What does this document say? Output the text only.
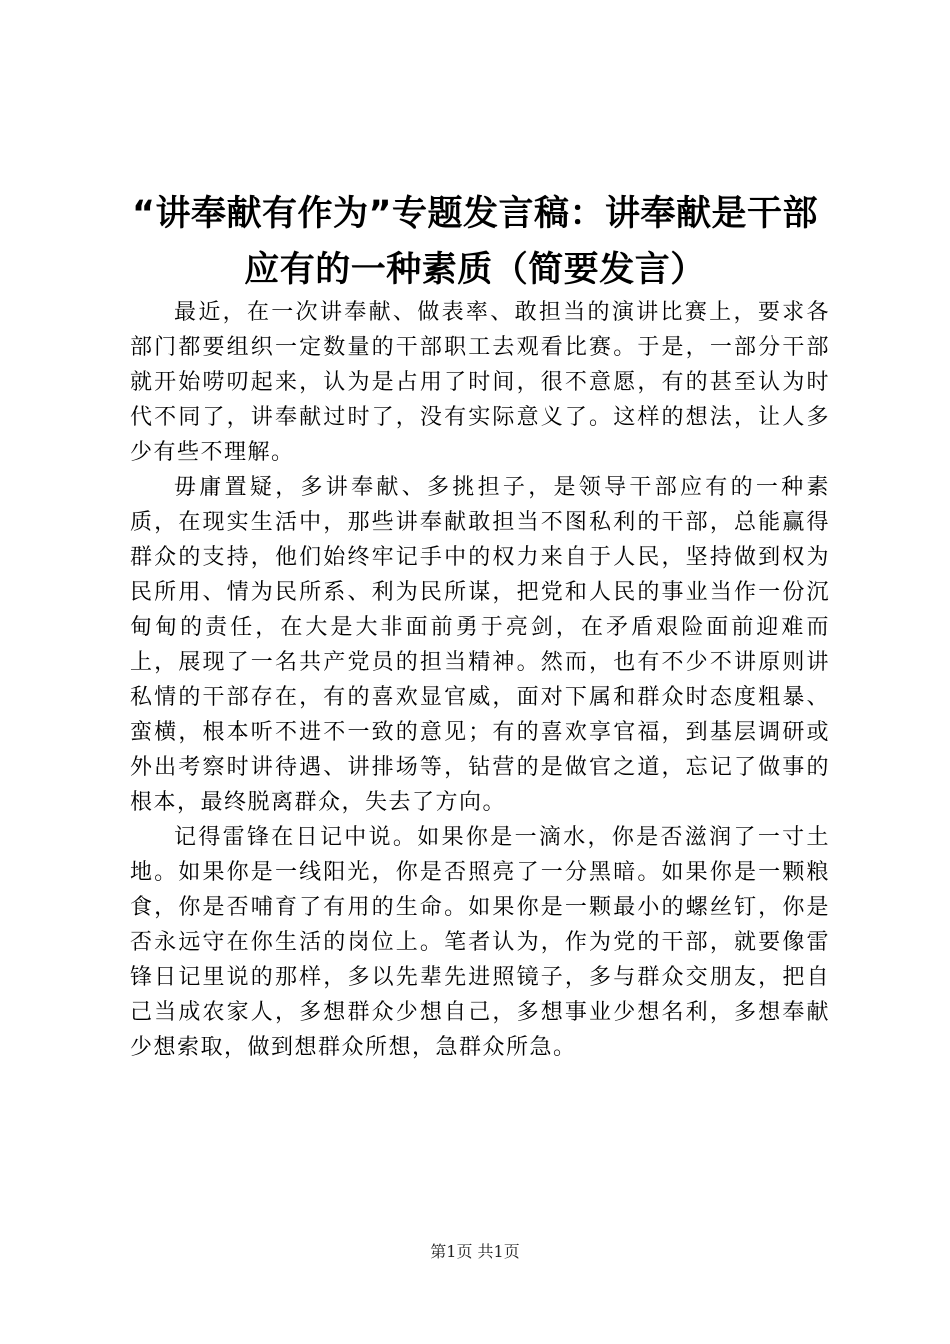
“讲奉献有作为”专题发言稿：讲奉献是干部
应有的一种素质（简要发言）

最近，在一次讲奉献、做表率、敢担当的演讲比赛上，要求各部门都要组织一定数量的干部职工去观看比赛。于是，一部分干部就开始唠叨起来，认为是占用了时间，很不意愿，有的甚至认为时代不同了，讲奉献过时了，没有实际意义了。这样的想法，让人多少有些不理解。

毋庸置疑，多讲奉献、多挑担子，是领导干部应有的一种素质，在现实生活中，那些讲奉献敢担当不图私利的干部，总能赢得群众的支持，他们始终牢记手中的权力来自于人民，坚持做到权为民所用、情为民所系、利为民所谋，把党和人民的事业当作一份沉甸甸的责任，在大是大非面前勇于亮剑，在矛盾艰险面前迎难而上，展现了一名共产党员的担当精神。然而，也有不少不讲原则讲私情的干部存在，有的喜欢显官威，面对下属和群众时态度粗暴、蛮横，根本听不进不一致的意见；有的喜欢享官福，到基层调研或外出考察时讲待遇、讲排场等，钻营的是做官之道，忘记了做事的根本，最终脱离群众，失去了方向。

记得雷锋在日记中说。如果你是一滴水，你是否滋润了一寸土地。如果你是一线阳光，你是否照亮了一分黑暗。如果你是一颗粮食，你是否哺育了有用的生命。如果你是一颗最小的螺丝钉，你是否永远守在你生活的岗位上。笔者认为，作为党的干部，就要像雷锋日记里说的那样，多以先辈先进照镜子，多与群众交朋友，把自己当成农家人，多想群众少想自己，多想事业少想名利，多想奉献少想索取，做到想群众所想，急群众所急。

第1页 共1页
